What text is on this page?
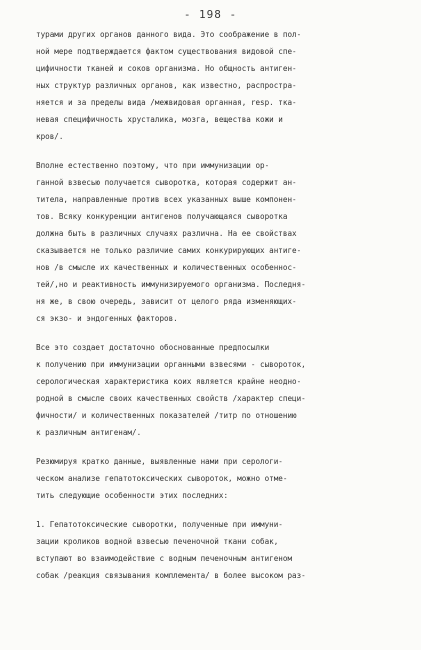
- 198 -
турами других органов данного вида. Это соображение в пол-
ной мере подтверждается фактом существования видовой спе-
цифичности тканей и соков организма. Но общность антиген-
ных структур различных органов, как известно, распростра-
няется и за пределы вида /межвидовая органная, resp. тка-
невая специфичность хрусталика, мозга, вещества кожи и
кров/.
Вполне естественно поэтому, что при иммунизации ор-
ганной взвесью получается сыворотка, которая содержит ан-
титела, направленные против всех указанных выше компонен-
тов. Всяку конкуренции антигенов получающаяся сыворотка
должна быть в различных случаях различна. На ее свойствах
сказывается не только различие самих конкурирующих антиге-
нов /в смысле их качественных и количественных особеннос-
тей/,но и реактивность иммунизируемого организма. Последня-
ня же, в свою очередь, зависит от целого ряда изменяющих-
ся экзо- и эндогенных факторов.
Все это создает достаточно обоснованные предпосылки
к получению при иммунизации органными взвесями - сывороток,
серологическая характеристика коих является крайне неодно-
родной в смысле своих качественных свойств /характер специ-
фичности/ и количественных показателей /титр по отношению
к различным антигенам/.
Резюмируя кратко данные, выявленные нами при серологи-
ческом анализе гепатотоксических сывороток, можно отме-
тить следующие особенности этих последних:
1. Гепатотоксические сыворотки, полученные при иммуни-
зации кроликов водной взвесью печеночной ткани собак,
вступают во взаимодействие с водным печеночным антигеном
собак /реакция связывания комплемента/ в более высоком раз-
